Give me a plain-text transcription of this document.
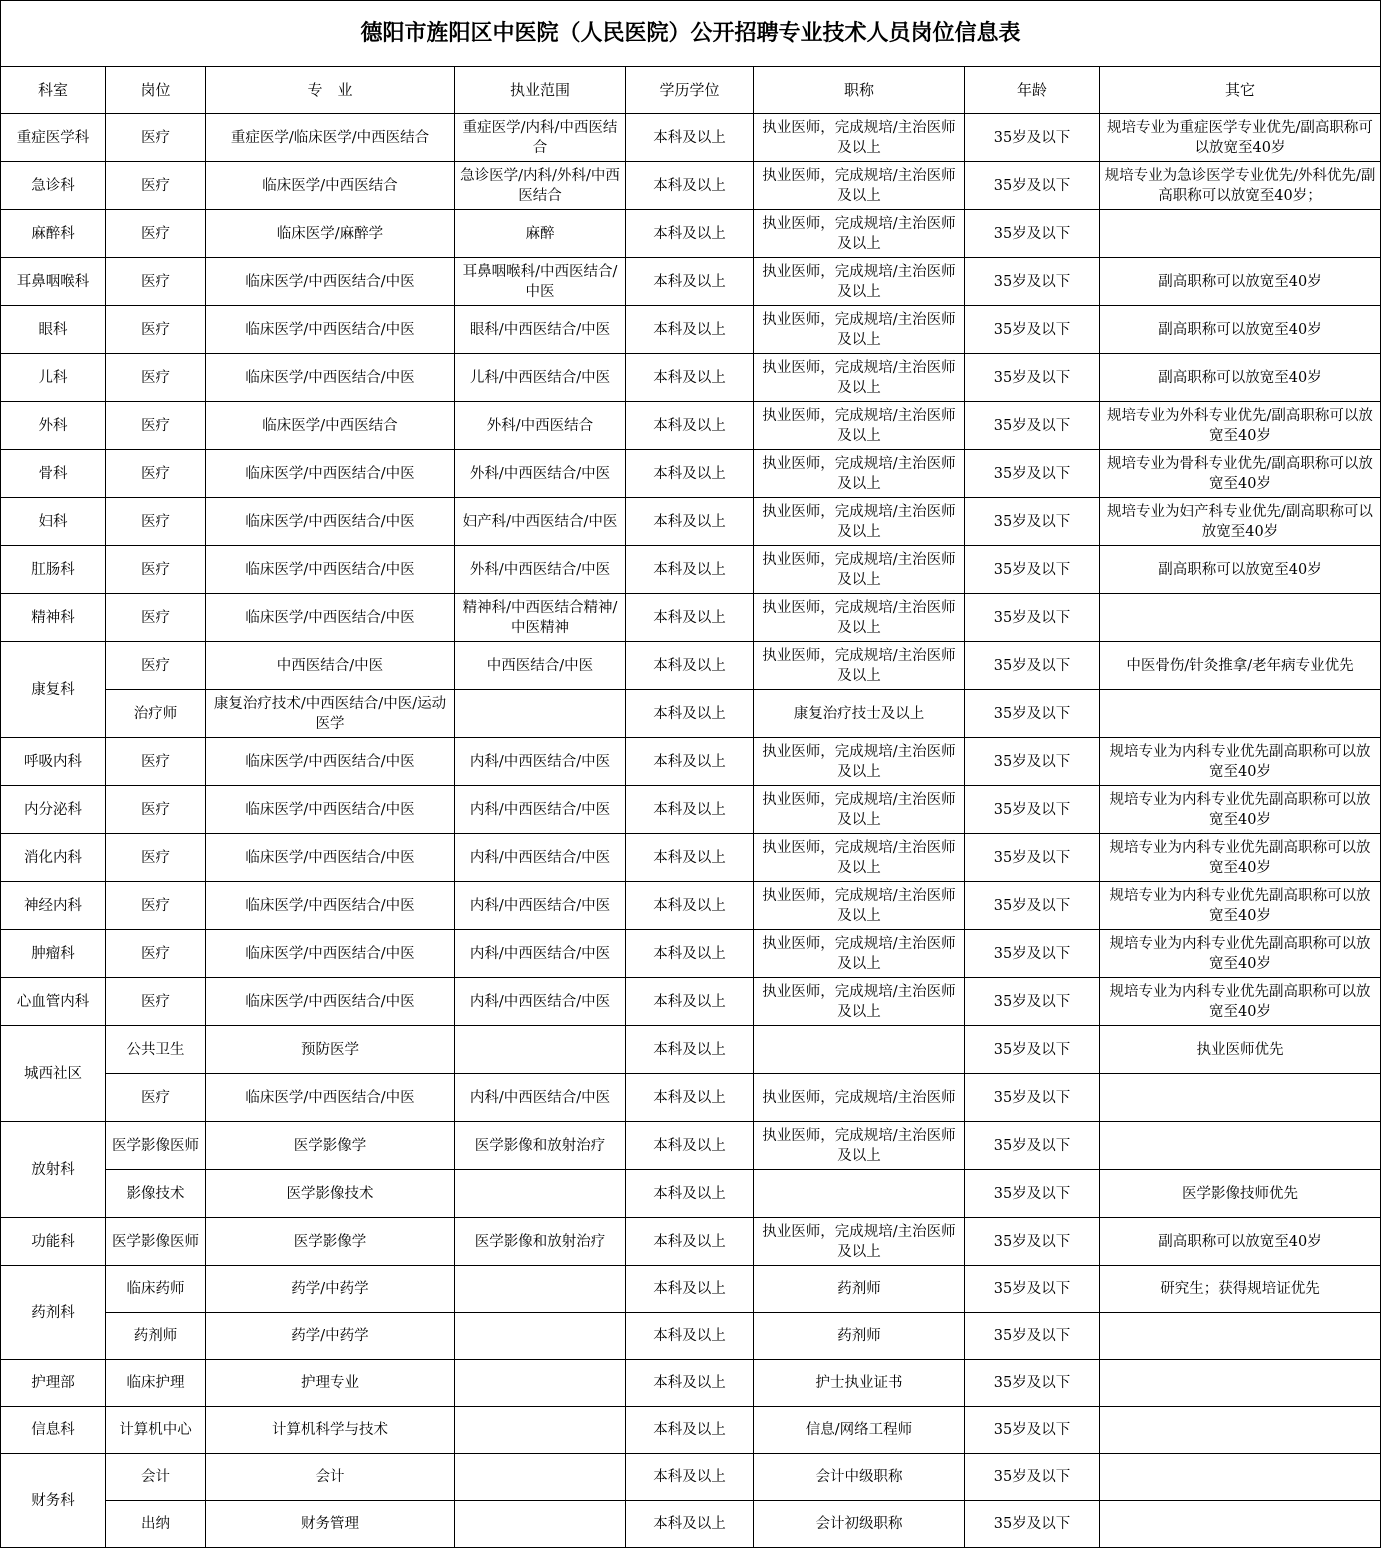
德阳市旌阳区中医院（人民医院）公开招聘专业技术人员岗位信息表
科室	岗位	专　业	执业范围	学历学位	职称	年龄	其它
重症医学科	医疗	重症医学/临床医学/中西医结合	重症医学/内科/中西医结合	本科及以上	执业医师，完成规培/主治医师及以上	35岁及以下	规培专业为重症医学专业优先/副高职称可以放宽至40岁
急诊科	医疗	临床医学/中西医结合	急诊医学/内科/外科/中西医结合	本科及以上	执业医师，完成规培/主治医师及以上	35岁及以下	规培专业为急诊医学专业优先/外科优先/副高职称可以放宽至40岁；
麻醉科	医疗	临床医学/麻醉学	麻醉	本科及以上	执业医师，完成规培/主治医师及以上	35岁及以下	
耳鼻咽喉科	医疗	临床医学/中西医结合/中医	耳鼻咽喉科/中西医结合/中医	本科及以上	执业医师，完成规培/主治医师及以上	35岁及以下	副高职称可以放宽至40岁
眼科	医疗	临床医学/中西医结合/中医	眼科/中西医结合/中医	本科及以上	执业医师，完成规培/主治医师及以上	35岁及以下	副高职称可以放宽至40岁
儿科	医疗	临床医学/中西医结合/中医	儿科/中西医结合/中医	本科及以上	执业医师，完成规培/主治医师及以上	35岁及以下	副高职称可以放宽至40岁
外科	医疗	临床医学/中西医结合	外科/中西医结合	本科及以上	执业医师，完成规培/主治医师及以上	35岁及以下	规培专业为外科专业优先/副高职称可以放宽至40岁
骨科	医疗	临床医学/中西医结合/中医	外科/中西医结合/中医	本科及以上	执业医师，完成规培/主治医师及以上	35岁及以下	规培专业为骨科专业优先/副高职称可以放宽至40岁
妇科	医疗	临床医学/中西医结合/中医	妇产科/中西医结合/中医	本科及以上	执业医师，完成规培/主治医师及以上	35岁及以下	规培专业为妇产科专业优先/副高职称可以放宽至40岁
肛肠科	医疗	临床医学/中西医结合/中医	外科/中西医结合/中医	本科及以上	执业医师，完成规培/主治医师及以上	35岁及以下	副高职称可以放宽至40岁
精神科	医疗	临床医学/中西医结合/中医	精神科/中西医结合精神/中医精神	本科及以上	执业医师，完成规培/主治医师及以上	35岁及以下	
康复科	医疗	中西医结合/中医	中西医结合/中医	本科及以上	执业医师，完成规培/主治医师及以上	35岁及以下	中医骨伤/针灸推拿/老年病专业优先
	治疗师	康复治疗技术/中西医结合/中医/运动医学		本科及以上	康复治疗技士及以上	35岁及以下	
呼吸内科	医疗	临床医学/中西医结合/中医	内科/中西医结合/中医	本科及以上	执业医师，完成规培/主治医师及以上	35岁及以下	规培专业为内科专业优先副高职称可以放宽至40岁
内分泌科	医疗	临床医学/中西医结合/中医	内科/中西医结合/中医	本科及以上	执业医师，完成规培/主治医师及以上	35岁及以下	规培专业为内科专业优先副高职称可以放宽至40岁
消化内科	医疗	临床医学/中西医结合/中医	内科/中西医结合/中医	本科及以上	执业医师，完成规培/主治医师及以上	35岁及以下	规培专业为内科专业优先副高职称可以放宽至40岁
神经内科	医疗	临床医学/中西医结合/中医	内科/中西医结合/中医	本科及以上	执业医师，完成规培/主治医师及以上	35岁及以下	规培专业为内科专业优先副高职称可以放宽至40岁
肿瘤科	医疗	临床医学/中西医结合/中医	内科/中西医结合/中医	本科及以上	执业医师，完成规培/主治医师及以上	35岁及以下	规培专业为内科专业优先副高职称可以放宽至40岁
心血管内科	医疗	临床医学/中西医结合/中医	内科/中西医结合/中医	本科及以上	执业医师，完成规培/主治医师及以上	35岁及以下	规培专业为内科专业优先副高职称可以放宽至40岁
城西社区	公共卫生	预防医学		本科及以上		35岁及以下	执业医师优先
	医疗	临床医学/中西医结合/中医	内科/中西医结合/中医	本科及以上	执业医师，完成规培/主治医师	35岁及以下	
放射科	医学影像医师	医学影像学	医学影像和放射治疗	本科及以上	执业医师，完成规培/主治医师及以上	35岁及以下	
	影像技术	医学影像技术		本科及以上		35岁及以下	医学影像技师优先
功能科	医学影像医师	医学影像学	医学影像和放射治疗	本科及以上	执业医师，完成规培/主治医师及以上	35岁及以下	副高职称可以放宽至40岁
药剂科	临床药师	药学/中药学		本科及以上	药剂师	35岁及以下	研究生；获得规培证优先
	药剂师	药学/中药学		本科及以上	药剂师	35岁及以下	
护理部	临床护理	护理专业		本科及以上	护士执业证书	35岁及以下	
信息科	计算机中心	计算机科学与技术		本科及以上	信息/网络工程师	35岁及以下	
财务科	会计	会计		本科及以上	会计中级职称	35岁及以下	
	出纳	财务管理		本科及以上	会计初级职称	35岁及以下	
